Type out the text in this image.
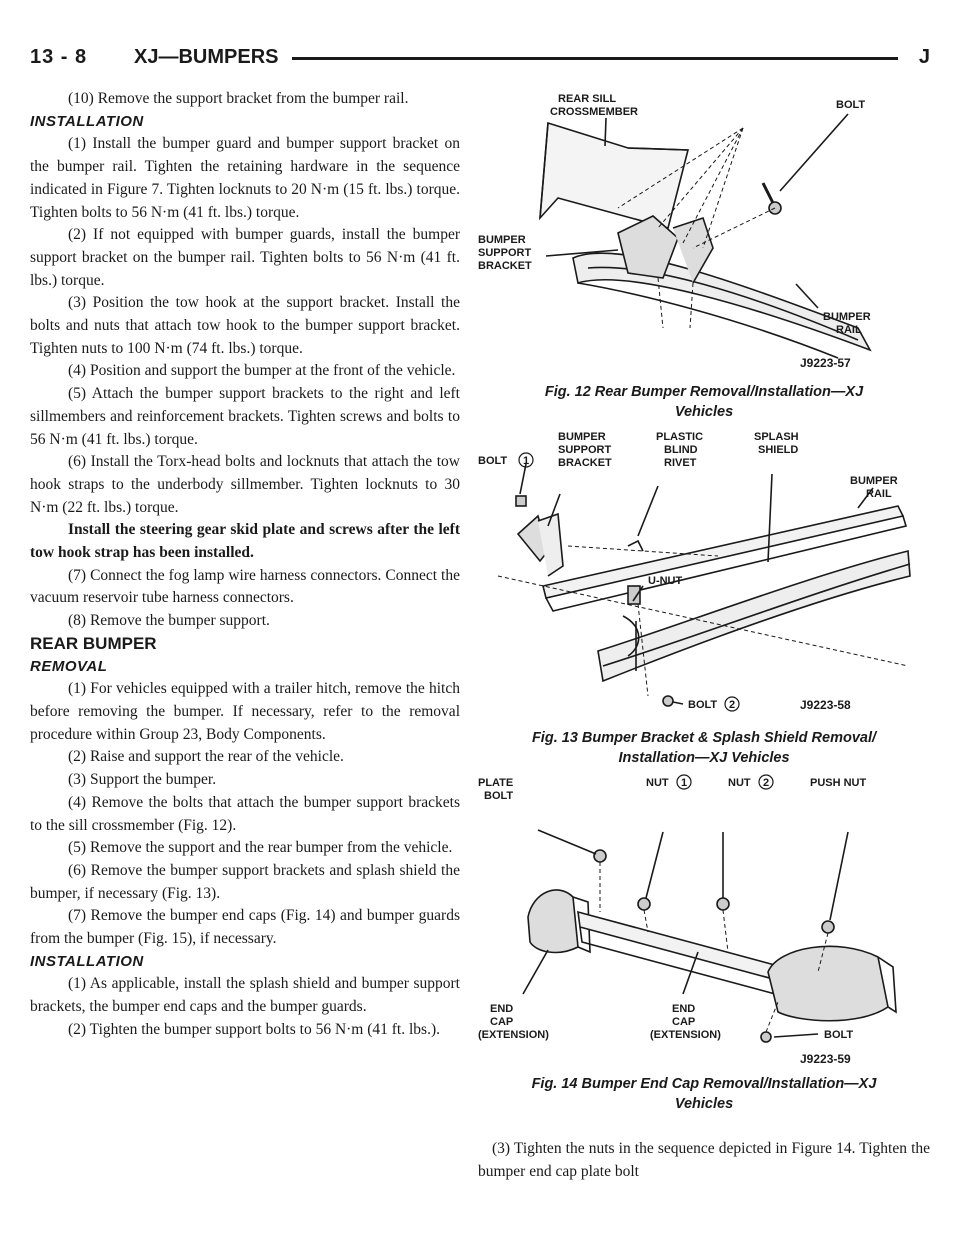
13 - 8 XJ—BUMPERS	J

(10) Remove the support bracket from the bumper rail.

INSTALLATION

(1) Install the bumper guard and bumper support bracket on the bumper rail. Tighten the retaining hardware in the sequence indicated in Figure 7. Tighten locknuts to 20 N·m (15 ft. lbs.) torque. Tighten bolts to 56 N·m (41 ft. lbs.) torque.

(2) If not equipped with bumper guards, install the bumper support bracket on the bumper rail. Tighten bolts to 56 N·m (41 ft. lbs.) torque.

(3) Position the tow hook at the support bracket. Install the bolts and nuts that attach tow hook to the bumper support bracket. Tighten nuts to 100 N·m (74 ft. lbs.) torque.

(4) Position and support the bumper at the front of the vehicle.

(5) Attach the bumper support brackets to the right and left sillmembers and reinforcement brackets. Tighten screws and bolts to 56 N·m (41 ft. lbs.) torque.

(6) Install the Torx-head bolts and locknuts that attach the tow hook straps to the underbody sillmember. Tighten locknuts to 30 N·m (22 ft. lbs.) torque.

Install the steering gear skid plate and screws after the left tow hook strap has been installed.

(7) Connect the fog lamp wire harness connectors. Connect the vacuum reservoir tube harness connectors.

(8) Remove the bumper support.

REAR BUMPER

REMOVAL

(1) For vehicles equipped with a trailer hitch, remove the hitch before removing the bumper. If necessary, refer to the removal procedure within Group 23, Body Components.

(2) Raise and support the rear of the vehicle.

(3) Support the bumper.

(4) Remove the bolts that attach the bumper support brackets to the sill crossmember (Fig. 12).

(5) Remove the support and the rear bumper from the vehicle.

(6) Remove the bumper support brackets and splash shield the bumper, if necessary (Fig. 13).

(7) Remove the bumper end caps (Fig. 14) and bumper guards from the bumper (Fig. 15), if necessary.

INSTALLATION

(1) As applicable, install the splash shield and bumper support brackets, the bumper end caps and the bumper guards.

(2) Tighten the bumper support bolts to 56 N·m (41 ft. lbs.).

REAR SILL
CROSSMEMBER
BOLT
BUMPER
SUPPORT
BRACKET
BUMPER
RAIL
J9223-57
Fig. 12 Rear Bumper Removal/Installation—XJ
Vehicles
BOLT 1
BUMPER
SUPPORT
BRACKET
PLASTIC
BLIND
RIVET
SPLASH
SHIELD
BUMPER
RAIL
U-NUT
BOLT 2	J9223-58
Fig. 13 Bumper Bracket & Splash Shield Removal/
Installation—XJ Vehicles
PLATE
BOLT
NUT 1	NUT 2	PUSH NUT
END
CAP
(EXTENSION)
END
CAP
(EXTENSION)	BOLT
J9223-59
Fig. 14 Bumper End Cap Removal/Installation—XJ
Vehicles

(3) Tighten the nuts in the sequence depicted in Figure 14. Tighten the bumper end cap plate bolt
